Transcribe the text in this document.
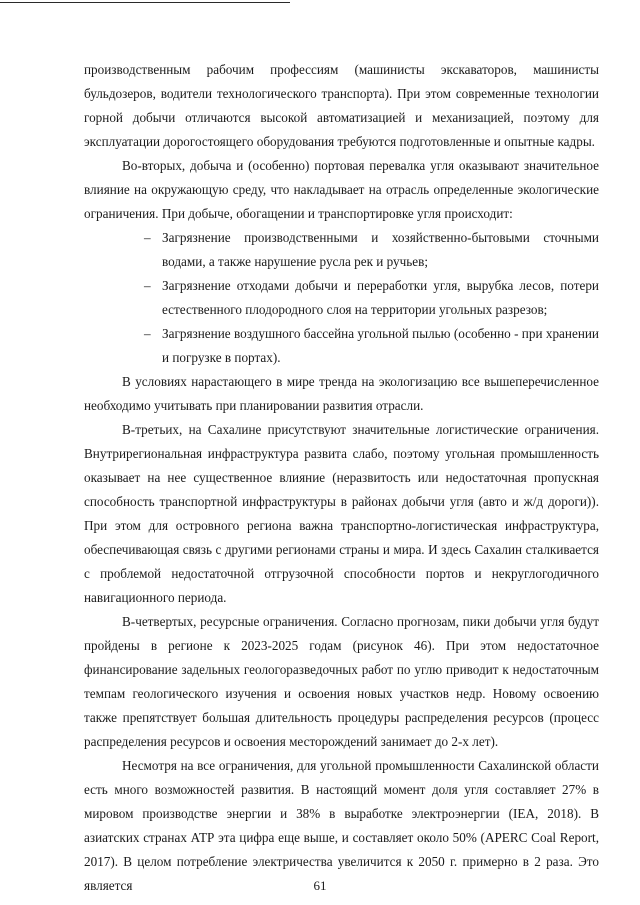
производственным рабочим профессиям (машинисты экскаваторов, машинисты бульдозеров, водители технологического транспорта). При этом современные технологии горной добычи отличаются высокой автоматизацией и механизацией, поэтому для эксплуатации дорогостоящего оборудования требуются подготовленные и опытные кадры.

Во-вторых, добыча и (особенно) портовая перевалка угля оказывают значительное влияние на окружающую среду, что накладывает на отрасль определенные экологические ограничения. При добыче, обогащении и транспортировке угля происходит:

– Загрязнение производственными и хозяйственно-бытовыми сточными водами, а также нарушение русла рек и ручьев;
– Загрязнение отходами добычи и переработки угля, вырубка лесов, потери естественного плодородного слоя на территории угольных разрезов;
– Загрязнение воздушного бассейна угольной пылью (особенно - при хранении и погрузке в портах).

В условиях нарастающего в мире тренда на экологизацию все вышеперечисленное необходимо учитывать при планировании развития отрасли.

В-третьих, на Сахалине присутствуют значительные логистические ограничения. Внутрирегиональная инфраструктура развита слабо, поэтому угольная промышленность оказывает на нее существенное влияние (неразвитость или недостаточная пропускная способность транспортной инфраструктуры в районах добычи угля (авто и ж/д дороги)). При этом для островного региона важна транспортно-логистическая инфраструктура, обеспечивающая связь с другими регионами страны и мира. И здесь Сахалин сталкивается с проблемой недостаточной отгрузочной способности портов и некруглогодичного навигационного периода.

В-четвертых, ресурсные ограничения. Согласно прогнозам, пики добычи угля будут пройдены в регионе к 2023-2025 годам (рисунок 46). При этом недостаточное финансирование задельных геологоразведочных работ по углю приводит к недостаточным темпам геологического изучения и освоения новых участков недр. Новому освоению также препятствует большая длительность процедуры распределения ресурсов (процесс распределения ресурсов и освоения месторождений занимает до 2-х лет).

Несмотря на все ограничения, для угольной промышленности Сахалинской области есть много возможностей развития. В настоящий момент доля угля составляет 27% в мировом производстве энергии и 38% в выработке электроэнергии (IEA, 2018). В азиатских странах АТР эта цифра еще выше, и составляет около 50% (APERC Coal Report, 2017). В целом потребление электричества увеличится к 2050 г. примерно в 2 раза. Это является	61
